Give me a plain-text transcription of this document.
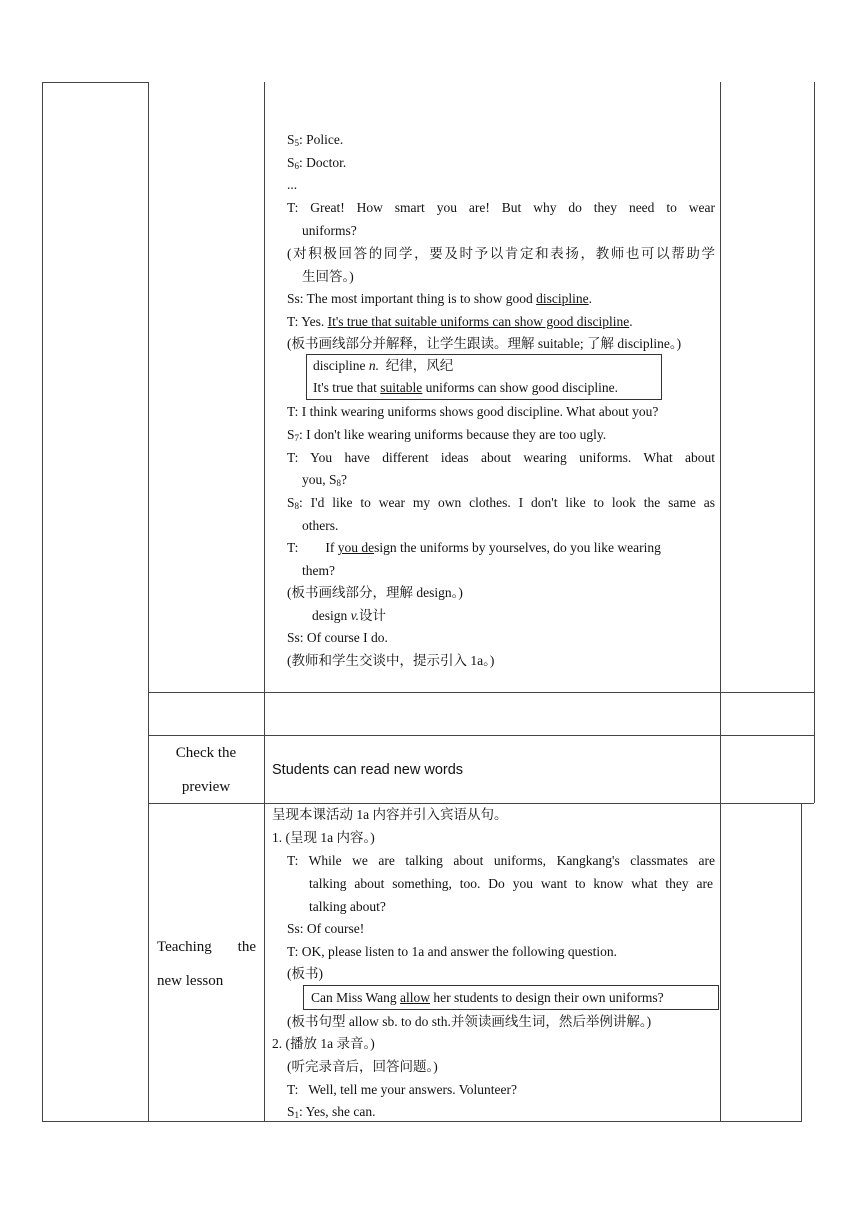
$S_5$: Police.
$S_6$: Doctor.
...
T: Great! How smart you are! But why do they need to wear
uniforms?
(对积极回答的同学，要及时予以肯定和表扬，教师也可以帮助学
生回答。)
Ss: The most important thing is to show good discipline.
T: Yes. It's true that suitable uniforms can show good discipline.
(板书画线部分并解释，让学生跟读。理解 suitable; 了解 discipline。)
discipline n. 纪律，风纪
It's true that suitable uniforms can show good discipline.
T: I think wearing uniforms shows good discipline. What about you?
$S_7$: I don't like wearing uniforms because they are too ugly.
T: You have different ideas about wearing uniforms. What about
you, $S_8$?
$S_8$ : I'd like to wear my own clothes. I don't like to look the same as
others.
T:        If you design the uniforms by yourselves, do you like wearing
them?
(板书画线部分，理解 design。)
design v.设计
Ss: Of course I do.
(教师和学生交谈中，提示引入 1a。)
Check the
preview
Students can read new words
Teaching the
new lesson
呈现本课活动 1a 内容并引入宾语从句。
1. (呈现 1a 内容。)
T: While we are talking about uniforms, Kangkang's classmates are
talking about something, too. Do you want to know what they are
talking about?
Ss: Of course!
T: OK, please listen to 1a and answer the following question.
(板书)
Can Miss Wang allow her students to design their own uniforms?
(板书句型 allow sb. to do sth.并领读画线生词，然后举例讲解。)
2. (播放 1a 录音。)
(听完录音后，回答问题。)
T:   Well, tell me your answers. Volunteer?
$S_1$: Yes, she can.
